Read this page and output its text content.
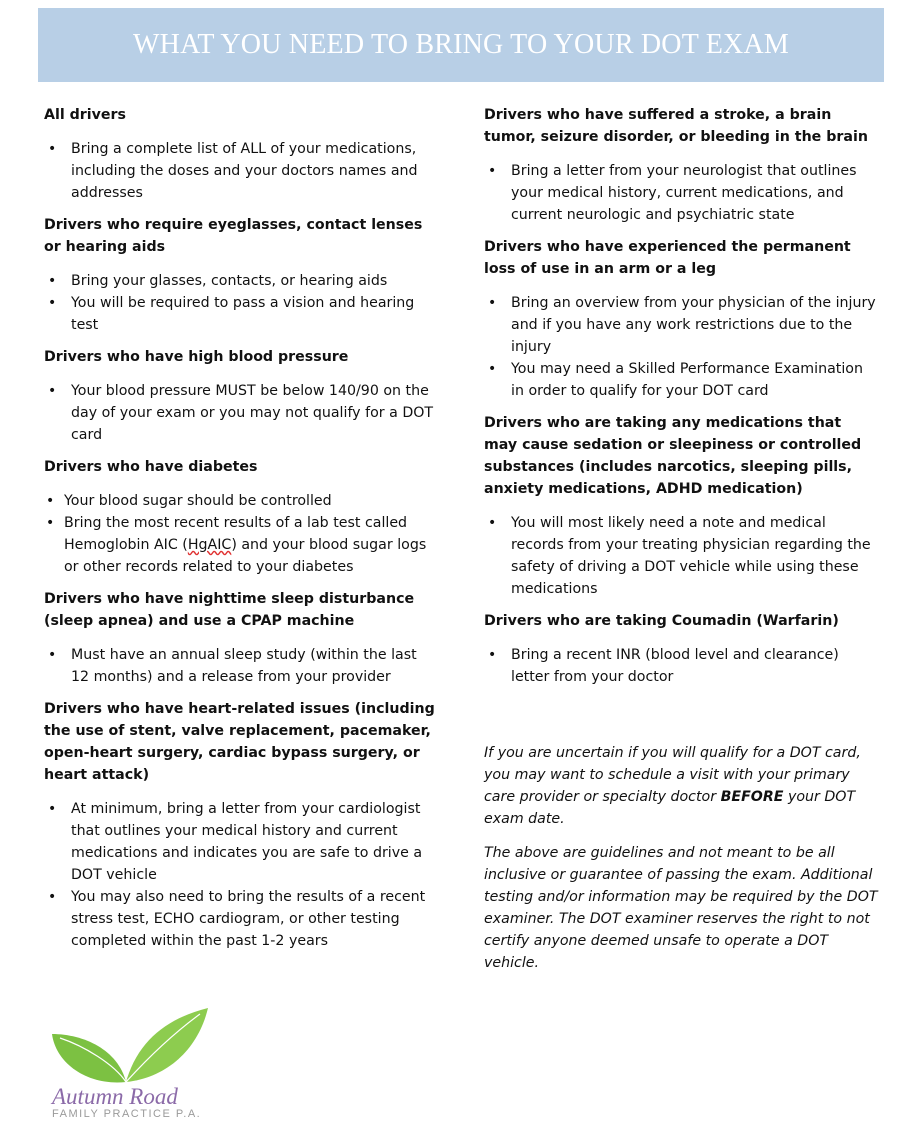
WHAT YOU NEED TO BRING TO YOUR DOT EXAM
All drivers
• Bring a complete list of ALL of your medications, including the doses and your doctors names and addresses
Drivers who require eyeglasses, contact lenses or hearing aids
• Bring your glasses, contacts, or hearing aids
• You will be required to pass a vision and hearing test
Drivers who have high blood pressure
• Your blood pressure MUST be below 140/90 on the day of your exam or you may not qualify for a DOT card
Drivers who have diabetes
• Your blood sugar should be controlled
• Bring the most recent results of a lab test called Hemoglobin AIC (HgAIC) and your blood sugar logs or other records related to your diabetes
Drivers who have nighttime sleep disturbance (sleep apnea) and use a CPAP machine
• Must have an annual sleep study (within the last 12 months) and a release from your provider
Drivers who have heart-related issues (including the use of stent, valve replacement, pacemaker, open-heart surgery, cardiac bypass surgery, or heart attack)
• At minimum, bring a letter from your cardiologist that outlines your medical history and current medications and indicates you are safe to drive a DOT vehicle
• You may also need to bring the results of a recent stress test, ECHO cardiogram, or other testing completed within the past 1-2 years
Drivers who have suffered a stroke, a brain tumor, seizure disorder, or bleeding in the brain
• Bring a letter from your neurologist that outlines your medical history, current medications, and current neurologic and psychiatric state
Drivers who have experienced the permanent loss of use in an arm or a leg
• Bring an overview from your physician of the injury and if you have any work restrictions due to the injury
• You may need a Skilled Performance Examination in order to qualify for your DOT card
Drivers who are taking any medications that may cause sedation or sleepiness or controlled substances (includes narcotics, sleeping pills, anxiety medications, ADHD medication)
• You will most likely need a note and medical records from your treating physician regarding the safety of driving a DOT vehicle while using these medications
Drivers who are taking Coumadin (Warfarin)
• Bring a recent INR (blood level and clearance) letter from your doctor

If you are uncertain if you will qualify for a DOT card, you may want to schedule a visit with your primary care provider or specialty doctor BEFORE your DOT exam date.

The above are guidelines and not meant to be all inclusive or guarantee of passing the exam. Additional testing and/or information may be required by the DOT examiner. The DOT examiner reserves the right to not certify anyone deemed unsafe to operate a DOT vehicle.

Autumn Road
FAMILY PRACTICE P.A.
